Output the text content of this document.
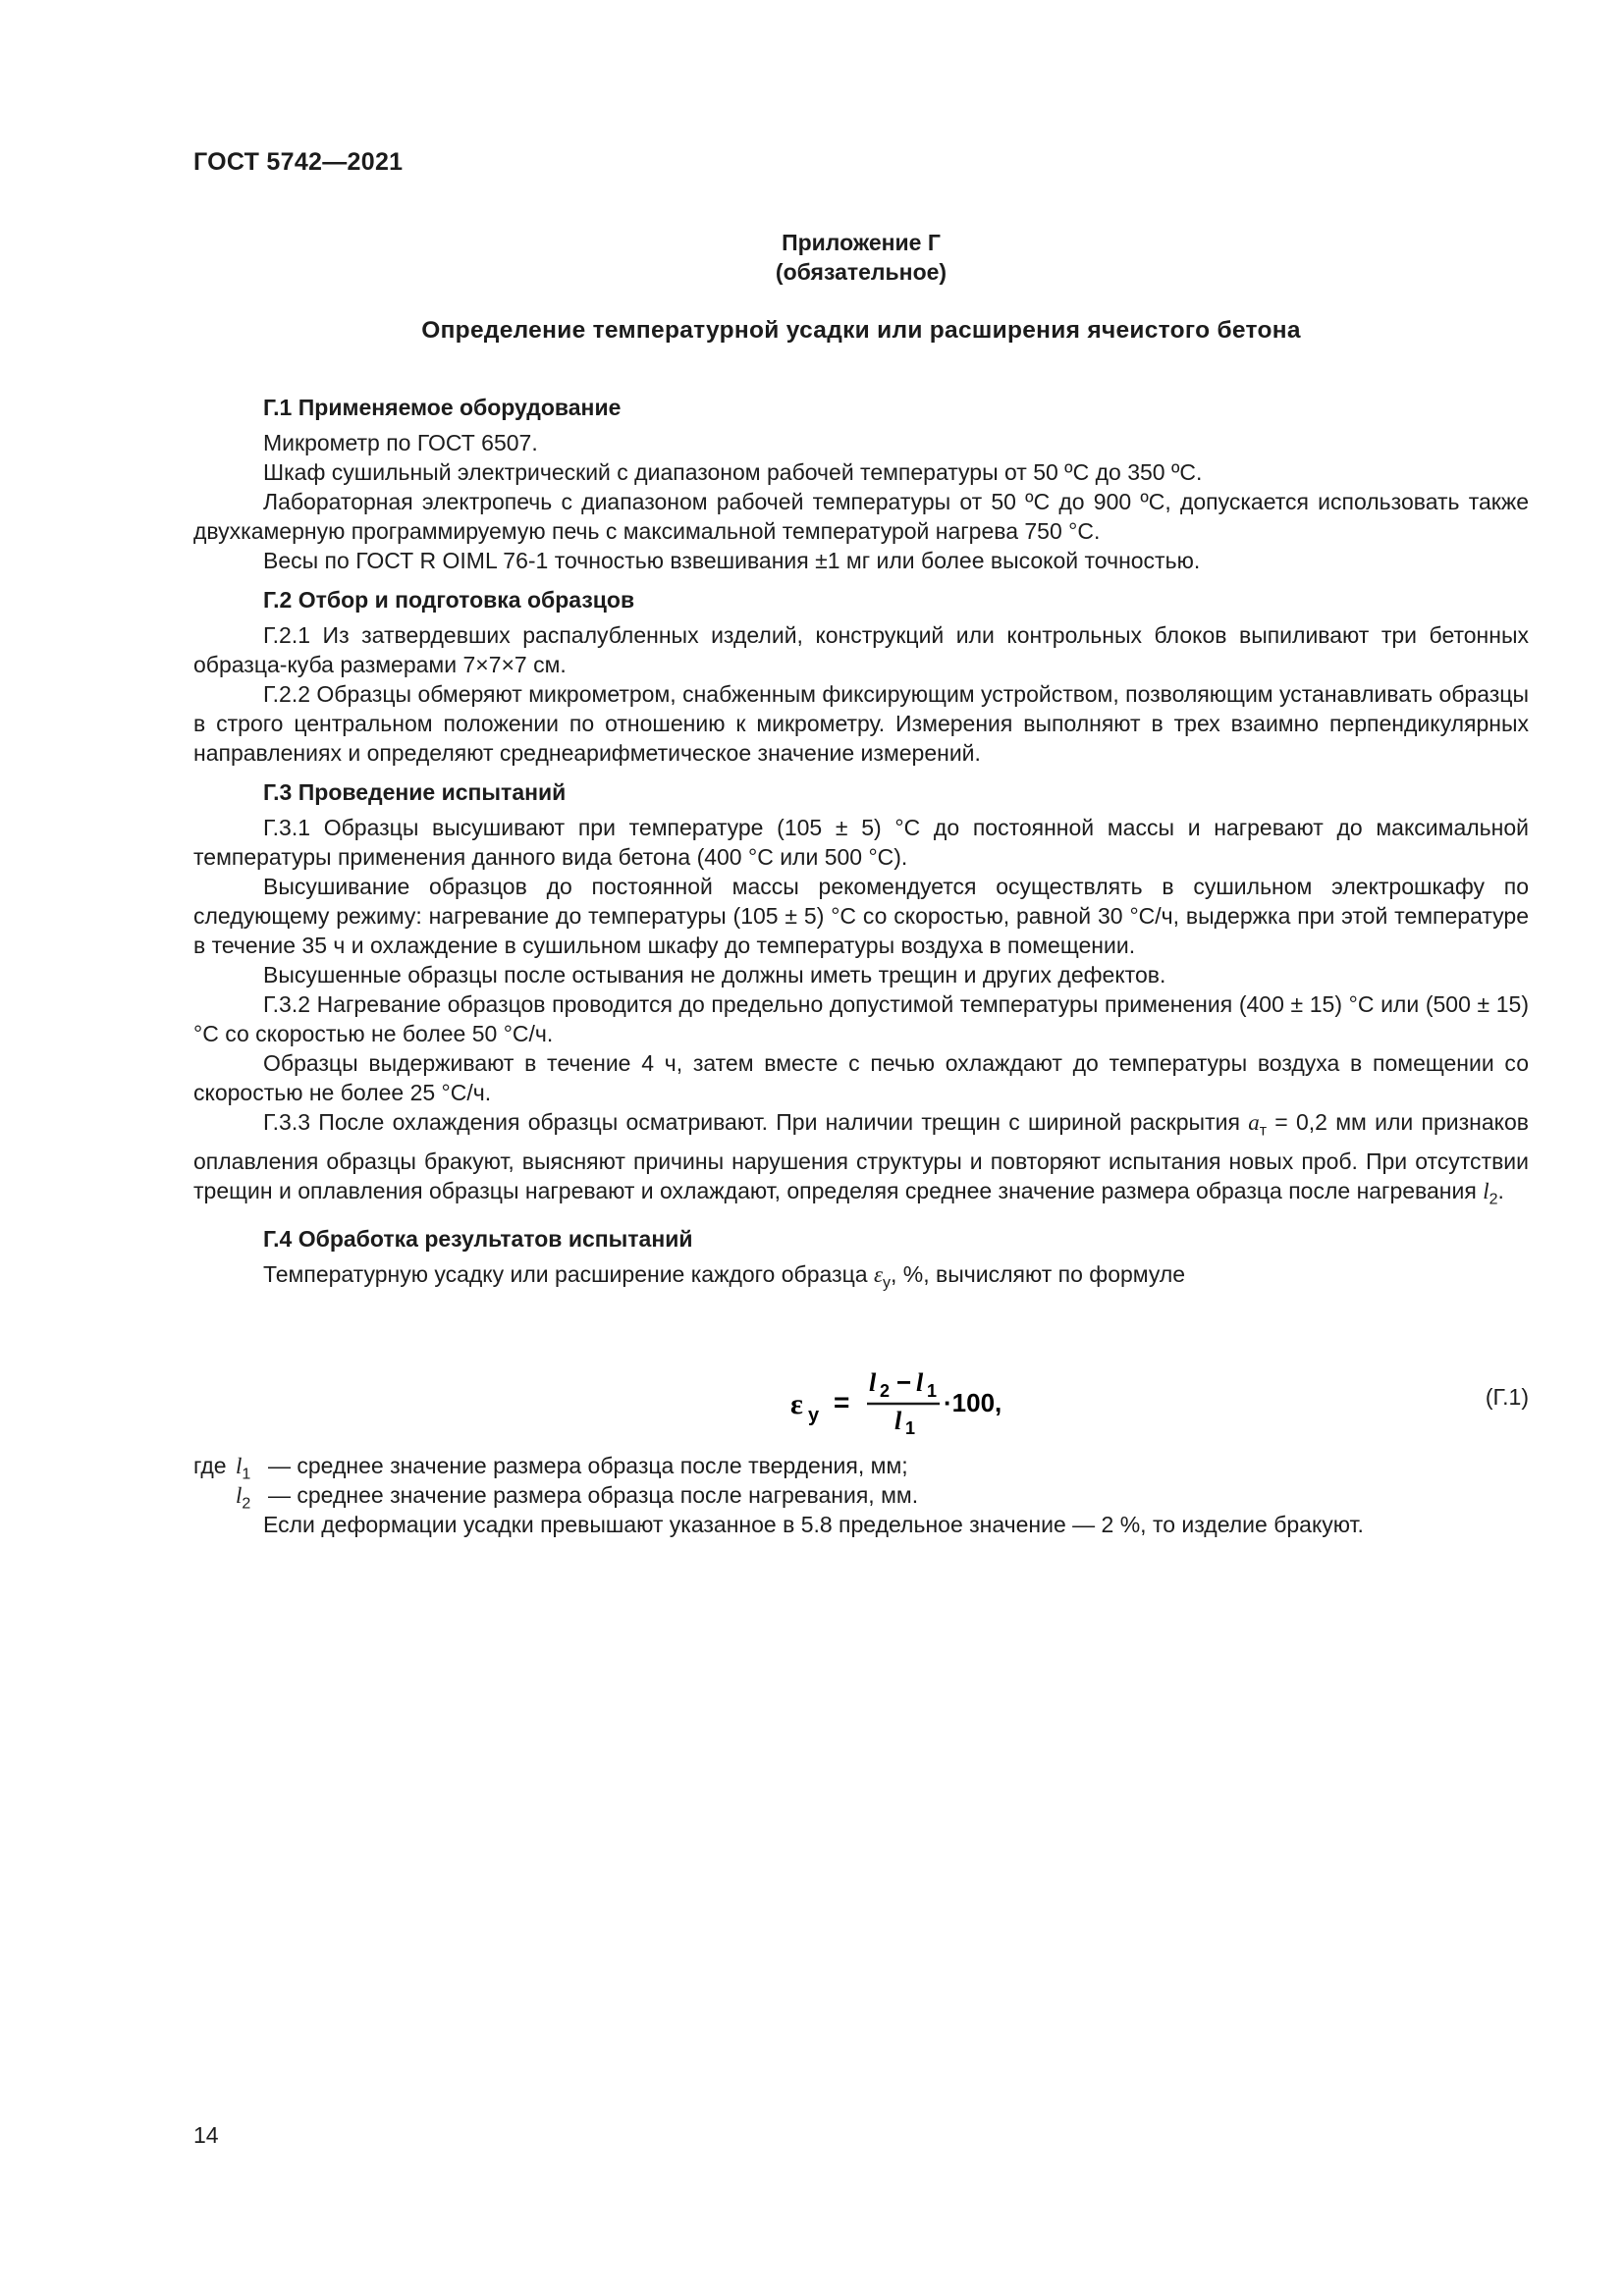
ГОСТ 5742—2021
Приложение Г
(обязательное)
Определение температурной усадки или расширения ячеистого бетона
Г.1 Применяемое оборудование

Микрометр по ГОСТ 6507.

Шкаф сушильный электрический с диапазоном рабочей температуры от 50 ºС до 350 ºС.

Лабораторная электропечь с диапазоном рабочей температуры от 50 ºС до 900 ºС, допускается использовать также двухкамерную программируемую печь с максимальной температурой нагрева 750 °С.

Весы по ГОСТ R OIML 76-1 точностью взвешивания ±1 мг или более высокой точностью.

Г.2 Отбор и подготовка образцов

Г.2.1 Из затвердевших распалубленных изделий, конструкций или контрольных блоков выпиливают три бетонных образца-куба размерами 7×7×7 см.

Г.2.2 Образцы обмеряют микрометром, снабженным фиксирующим устройством, позволяющим устанавливать образцы в строго центральном положении по отношению к микрометру. Измерения выполняют в трех взаимно перпендикулярных направлениях и определяют среднеарифметическое значение измерений.

Г.3 Проведение испытаний

Г.3.1 Образцы высушивают при температуре (105 ± 5) °С до постоянной массы и нагревают до максимальной температуры применения данного вида бетона (400 °С или 500 °С).

Высушивание образцов до постоянной массы рекомендуется осуществлять в сушильном электрошкафу по следующему режиму: нагревание до температуры (105 ± 5) °С со скоростью, равной 30 °С/ч, выдержка при этой температуре в течение 35 ч и охлаждение в сушильном шкафу до температуры воздуха в помещении.

Высушенные образцы после остывания не должны иметь трещин и других дефектов.

Г.3.2 Нагревание образцов проводится до предельно допустимой температуры применения (400 ± 15) °С или (500 ± 15) °С со скоростью не более 50 °С/ч.

Образцы выдерживают в течение 4 ч, затем вместе с печью охлаждают до температуры воздуха в помещении со скоростью не более 25 °С/ч.

Г.3.3 После охлаждения образцы осматривают. При наличии трещин с шириной раскрытия $a_т = 0,2$ мм или признаков оплавления образцы бракуют, выясняют причины нарушения структуры и повторяют испытания новых проб. При отсутствии трещин и оплавления образцы нагревают и охлаждают, определяя среднее значение размера образца после нагревания $l_2$.

Г.4 Обработка результатов испытаний

Температурную усадку или расширение каждого образца $\varepsilon_у$, %, вычисляют по формуле

ε у =
l 2 − l 1
l 1
·100,	(Г.1)
где $l_1$ — среднее значение размера образца после твердения, мм;
$l_2$ — среднее значение размера образца после нагревания, мм.
Если деформации усадки превышают указанное в 5.8 предельное значение — 2 %, то изделие бракуют.
14
